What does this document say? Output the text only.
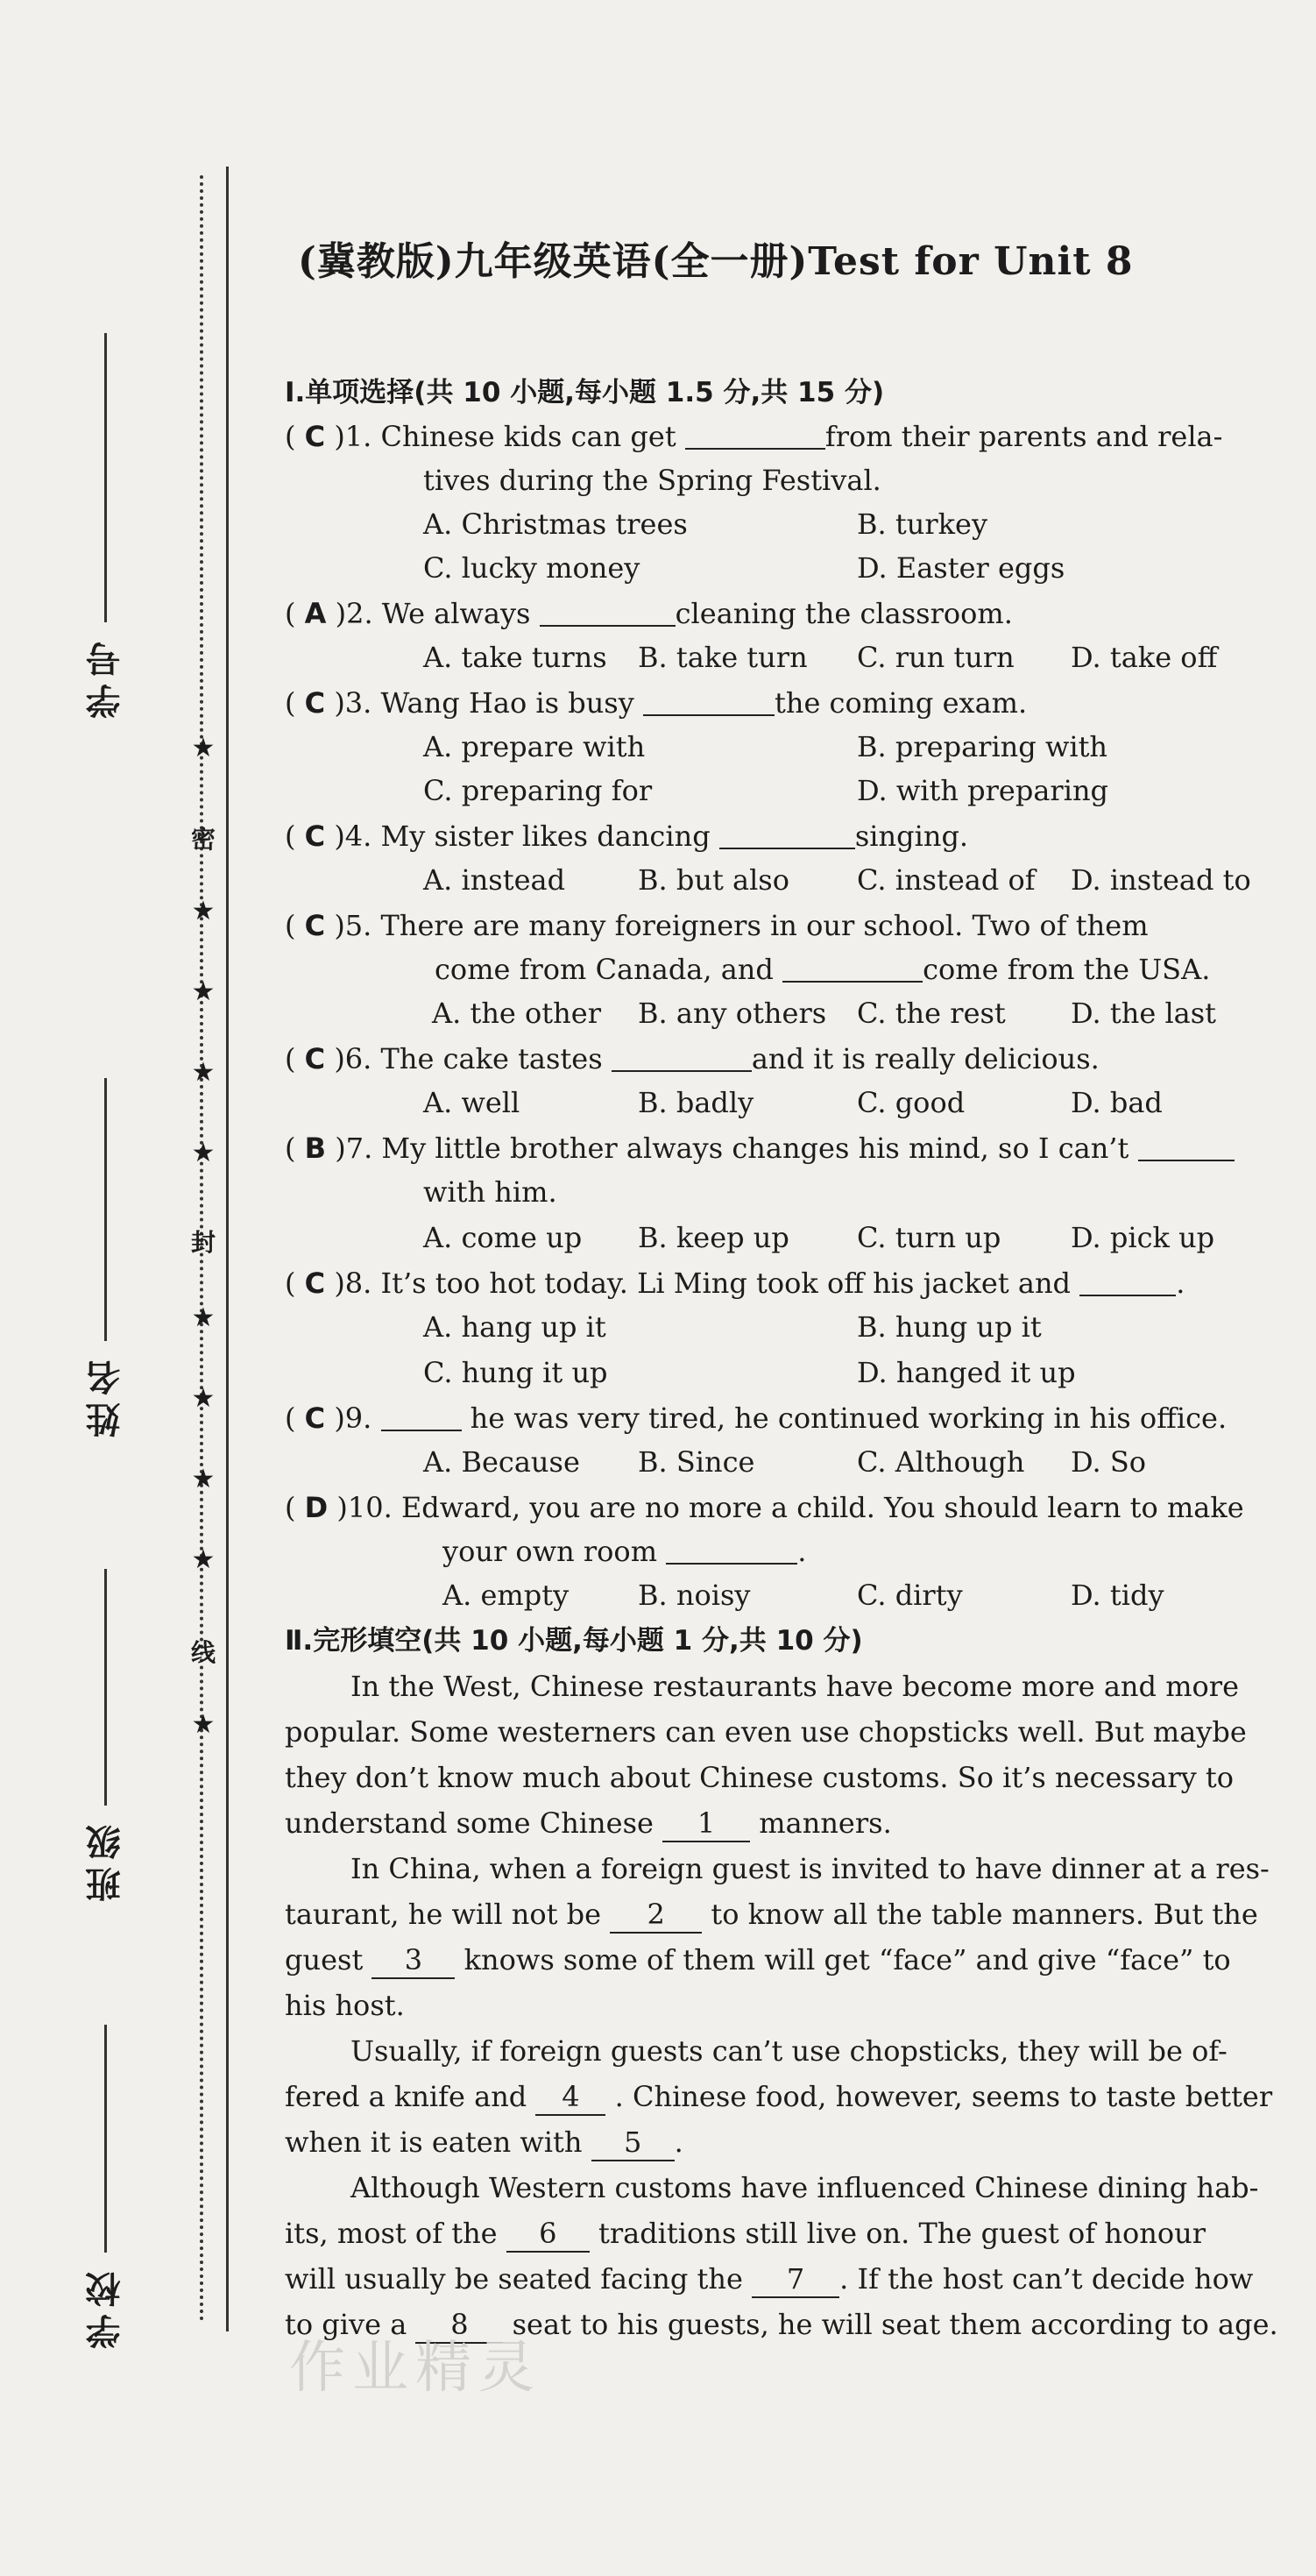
学号
姓名
班级
学校
★
密
★
★
★
★
封
★
★
★
★
线
★
(冀教版)九年级英语(全一册)Test for Unit 8
Ⅰ.单项选择(共 10 小题,每小题 1.5 分,共 15 分)
( C )1. Chinese kids can get	from their parents and rela-
tives during the Spring Festival.
A. Christmas trees	B. turkey
C. lucky money	D. Easter eggs
( A )2. We always	cleaning the classroom.
A. take turns B. take turn C. run turn D. take off
( C )3. Wang Hao is busy	the coming exam.
A. prepare with	B. preparing with
C. preparing for	D. with preparing
( C )4. My sister likes dancing	singing.
A. instead	B. but also C. instead of D. instead to
( C )5. There are many foreigners in our school. Two of them
come from Canada, and	come from the USA.
A. the other B. any others C. the rest D. the last
( C )6. The cake tastes	and it is really delicious.
A. well	B. badly	C. good	D. bad
( B )7. My little brother always changes his mind, so I can’t
with him.
A. come up B. keep up C. turn up D. pick up
( C )8. It’s too hot today. Li Ming took off his jacket and	.
A. hang up it	B. hung up it
C. hung it up	D. hanged it up
( C )9.	he was very tired, he continued working in his office.
A. Because B. Since	C. Although D. So
( D )10. Edward, you are no more a child. You should learn to make
your own room	.
A. empty B. noisy	C. dirty	D. tidy
Ⅱ.完形填空(共 10 小题,每小题 1 分,共 10 分)
In the West, Chinese restaurants have become more and more
popular. Some westerners can even use chopsticks well. But maybe
they don’t know much about Chinese customs. So it’s necessary to
understand some Chinese 1 manners.
In China, when a foreign guest is invited to have dinner at a res-
taurant, he will not be 2 to know all the table manners. But the
guest 3 knows some of them will get “face” and give “face” to
his host.
Usually, if foreign guests can’t use chopsticks, they will be of-
fered a knife and 4 . Chinese food, however, seems to taste better
when it is eaten with 5 .
Although Western customs have influenced Chinese dining hab-
its, most of the 6 traditions still live on. The guest of honour
will usually be seated facing the 7 . If the host can’t decide how
to give a 8 seat to his guests, he will seat them according to age.
作业精灵
